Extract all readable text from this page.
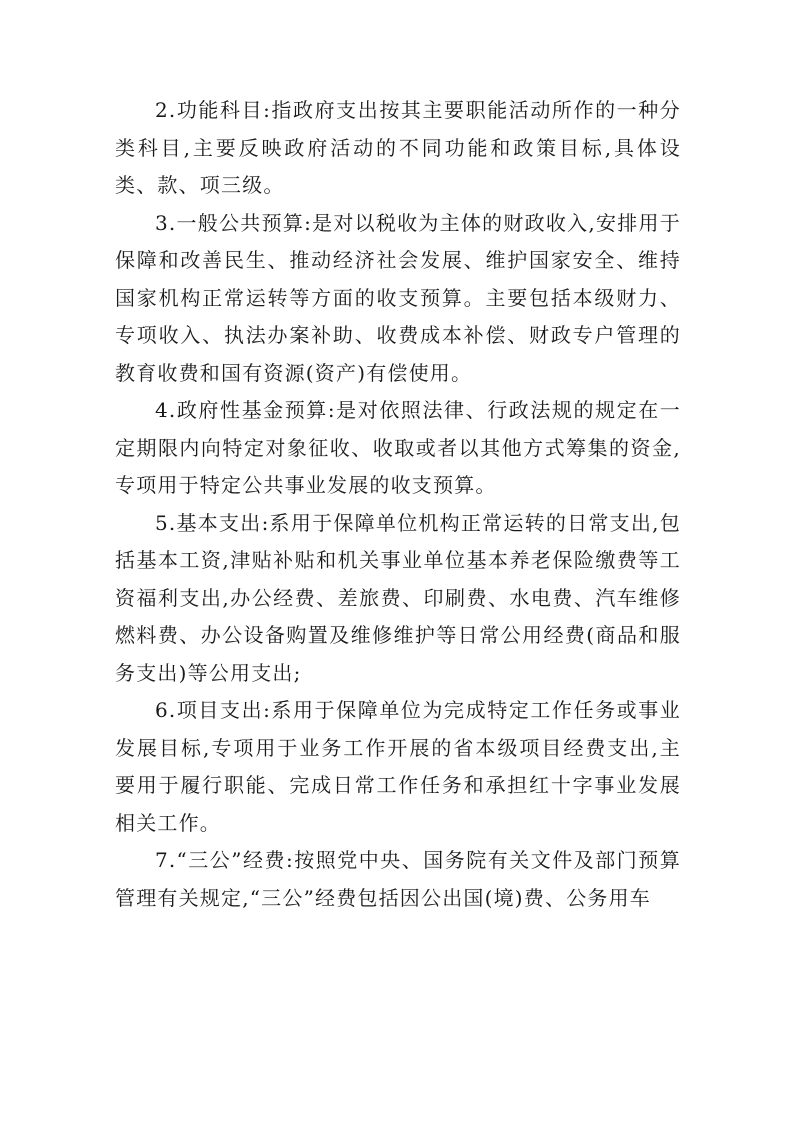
2.功能科目:指政府支出按其主要职能活动所作的一种分类科目,主要反映政府活动的不同功能和政策目标,具体设类、款、项三级。

3.一般公共预算:是对以税收为主体的财政收入,安排用于保障和改善民生、推动经济社会发展、维护国家安全、维持国家机构正常运转等方面的收支预算。主要包括本级财力、专项收入、执法办案补助、收费成本补偿、财政专户管理的教育收费和国有资源(资产)有偿使用。

4.政府性基金预算:是对依照法律、行政法规的规定在一定期限内向特定对象征收、收取或者以其他方式筹集的资金,专项用于特定公共事业发展的收支预算。

5.基本支出:系用于保障单位机构正常运转的日常支出,包括基本工资,津贴补贴和机关事业单位基本养老保险缴费等工资福利支出,办公经费、差旅费、印刷费、水电费、汽车维修燃料费、办公设备购置及维修维护等日常公用经费(商品和服务支出)等公用支出;

6.项目支出:系用于保障单位为完成特定工作任务或事业发展目标,专项用于业务工作开展的省本级项目经费支出,主要用于履行职能、完成日常工作任务和承担红十字事业发展相关工作。

7.“三公”经费:按照党中央、国务院有关文件及部门预算管理有关规定,“三公”经费包括因公出国(境)费、公务用车
